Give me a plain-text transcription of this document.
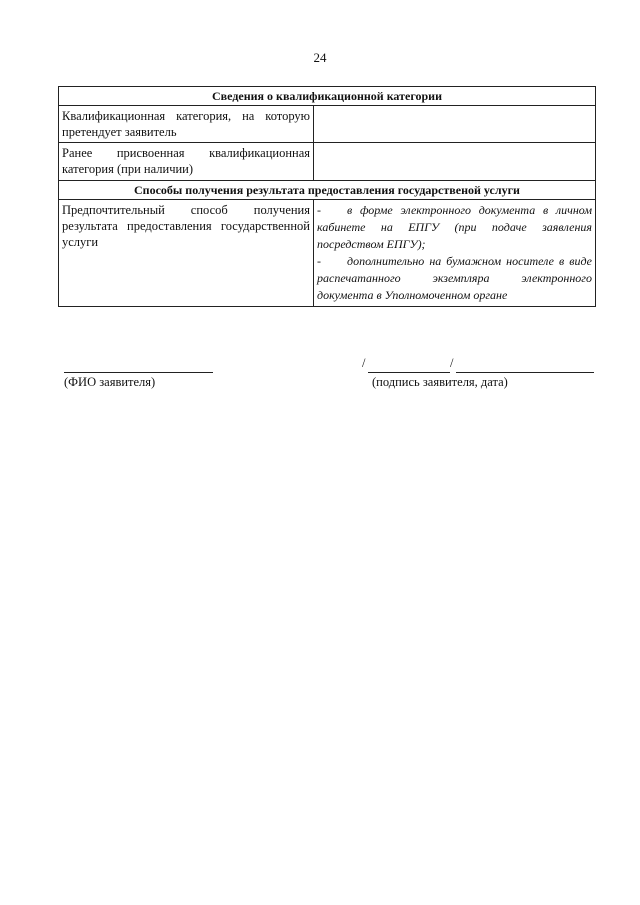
24
Сведения о квалификационной категории	
Квалификационная категория, на которую претендует заявитель	
Ранее присвоенная квалификационная категория (при наличии)	
Способы получения результата предоставления государственой услуги	
Предпочтительный способ получения результата предоставления государственной услуги	- в форме электронного документа в личном кабинете на ЕПГУ (при подаче заявления посредством ЕПГУ);
- дополнительно на бумажном носителе в виде распечатанного экземпляра электронного документа в Уполномоченном органе
(ФИО заявителя)
/	/
(подпись заявителя, дата)
